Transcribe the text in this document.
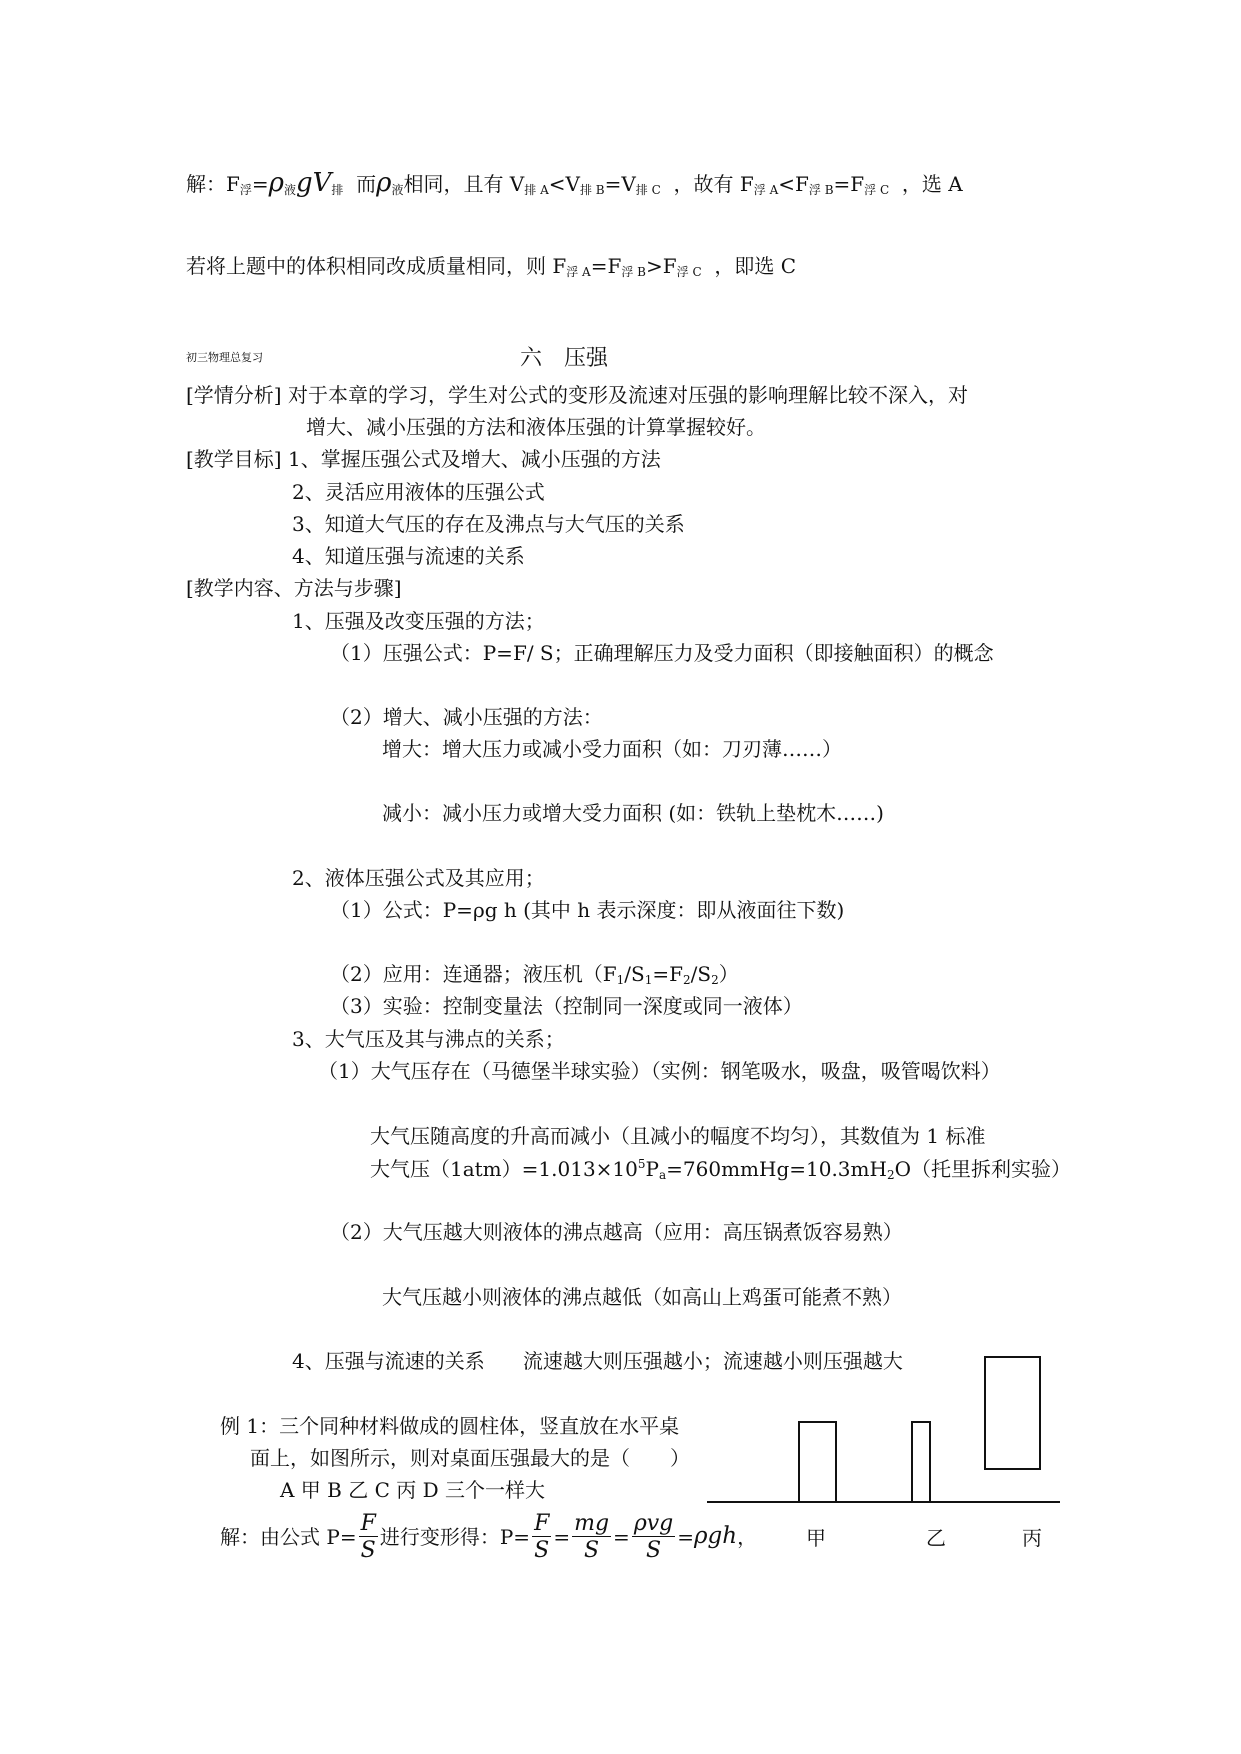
解：$F_浮=\rho_液gV_排$ 而$\rho_液$相同，且有 $V_{排 A}<V_{排 B}=V_{排 C}$ ，故有 $F_{浮 A}<F_{浮 B}=F_{浮 C}$ ，选 A
若将上题中的体积相同改成质量相同，则 $F_{浮 A}=F_{浮 B}>F_{浮 C}$ ，即选 C
初三物理总复习	六　压强
[学情分析] 对于本章的学习，学生对公式的变形及流速对压强的影响理解比较不深入，对
增大、减小压强的方法和液体压强的计算掌握较好。
[教学目标] 1、掌握压强公式及增大、减小压强的方法
2、灵活应用液体的压强公式
3、知道大气压的存在及沸点与大气压的关系
4、知道压强与流速的关系
[教学内容、方法与步骤]
1、压强及改变压强的方法；
（1）压强公式：P=F/ S；正确理解压力及受力面积（即接触面积）的概念
（2）增大、减小压强的方法：
增大：增大压力或减小受力面积（如：刀刃薄……）
减小：减小压力或增大受力面积 (如：铁轨上垫枕木……)
2、液体压强公式及其应用；
（1）公式：P=ρg h (其中 h 表示深度：即从液面往下数)
（2）应用：连通器；液压机$(F_1/S_1=F_2/S_2)$
（3）实验：控制变量法（控制同一深度或同一液体）
3、大气压及其与沸点的关系；
（1）大气压存在（马德堡半球实验）（实例：钢笔吸水，吸盘，吸管喝饮料）
大气压随高度的升高而减小（且减小的幅度不均匀），其数值为 1 标准
大气压$(1atm)=1.013\times 10^5P_a=760mmHg=10.3mH_2O$（托里拆利实验）
（2）大气压越大则液体的沸点越高（应用：高压锅煮饭容易熟）
大气压越小则液体的沸点越低（如高山上鸡蛋可能煮不熟）
4、压强与流速的关系 流速越大则压强越小；流速越小则压强越大
例 1：三个同种材料做成的圆柱体，竖直放在水平桌
面上，如图所示，则对桌面压强最大的是（　　）
A 甲 B 乙 C 丙 D 三个一样大
解：由公式 $P= \frac{F}{S}$ 进行变形得：$P= \frac{F}{S} = \frac{mg}{S} = \frac{\text{ρvg}}{S} = \rho gh$ ， 甲	乙	丙
